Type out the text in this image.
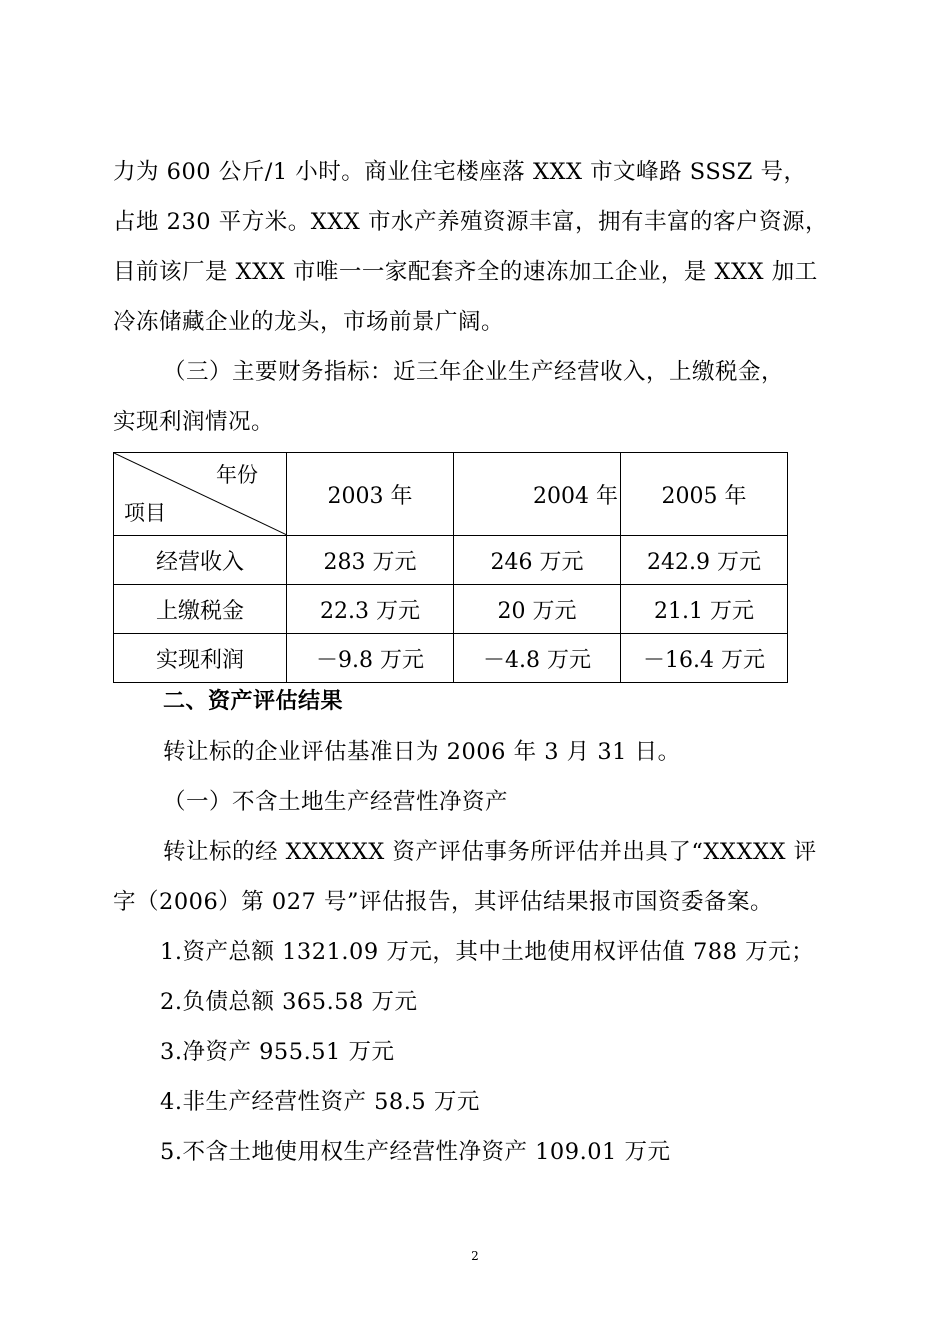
力为 600 公斤/1 小时。商业住宅楼座落 XXX 市文峰路 SSSZ 号，
占地 230 平方米。XXX 市水产养殖资源丰富，拥有丰富的客户资源，
目前该厂是 XXX 市唯一一家配套齐全的速冻加工企业，是 XXX 加工
冷冻储藏企业的龙头，市场前景广阔。
（三）主要财务指标：近三年企业生产经营收入，上缴税金，
实现利润情况。
年份
项目	2003 年	2004 年	2005 年
经营收入	283 万元	246 万元	242.9 万元
上缴税金	22.3 万元	20 万元	21.1 万元
实现利润	－9.8 万元	－4.8 万元	－16.4 万元
二、资产评估结果
转让标的企业评估基准日为 2006 年 3 月 31 日。
（一）不含土地生产经营性净资产
转让标的经 XXXXXX 资产评估事务所评估并出具了“XXXXX 评
字（2006）第 027 号”评估报告，其评估结果报市国资委备案。
1.资产总额 1321.09 万元，其中土地使用权评估值 788 万元；
2.负债总额 365.58 万元
3.净资产 955.51 万元
4.非生产经营性资产 58.5 万元
5.不含土地使用权生产经营性净资产 109.01 万元
2
